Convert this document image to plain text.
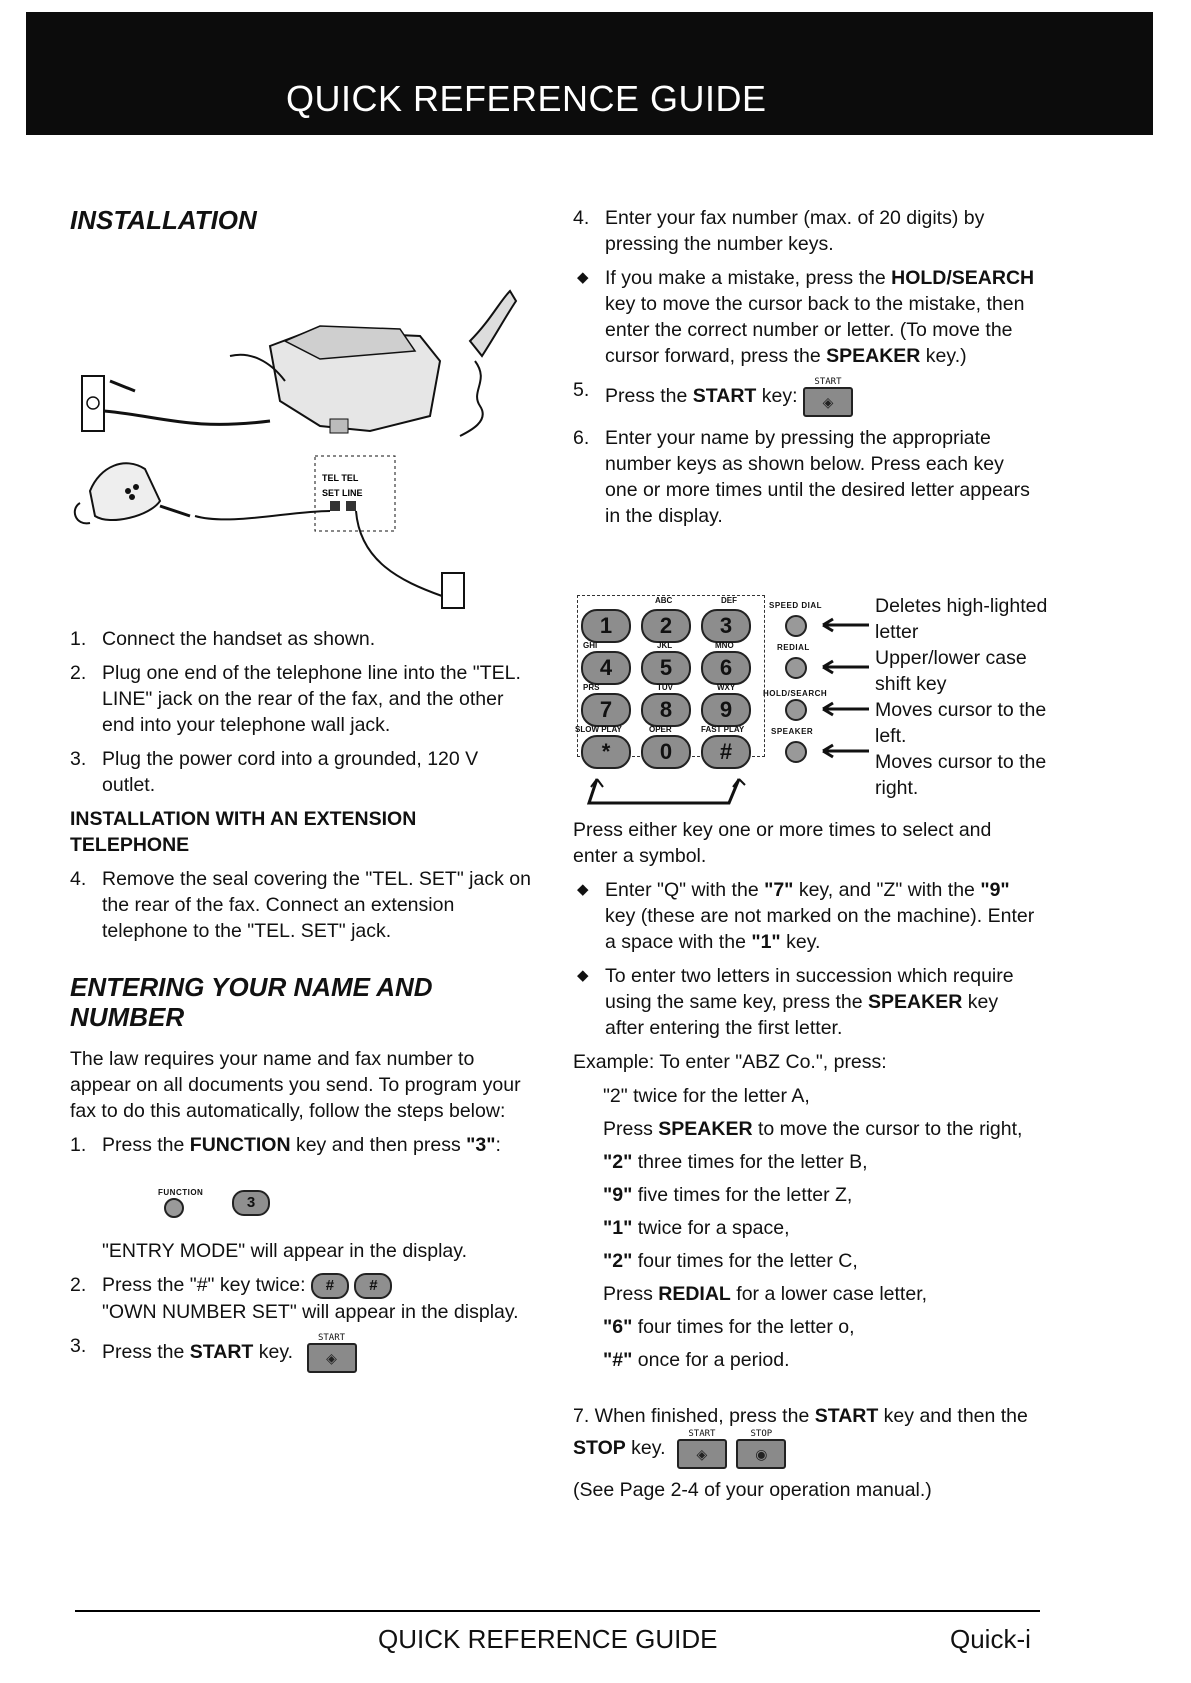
QUICK REFERENCE GUIDE
INSTALLATION
TEL TEL
SET LINE
1. Connect the handset as shown.
2. Plug one end of the telephone line into the "TEL. LINE" jack on the rear of the fax, and the other end into your telephone wall jack.
3. Plug the power cord into a grounded, 120 V outlet.
INSTALLATION WITH AN EXTENSION TELEPHONE
4. Remove the seal covering the "TEL. SET" jack on the rear of the fax. Connect an extension telephone to the "TEL. SET" jack.
ENTERING YOUR NAME AND NUMBER

The law requires your name and fax number to appear on all documents you send. To program your fax to do this automatically, follow the steps below:

1. Press the FUNCTION key and then press "3":
FUNCTION
3

"ENTRY MODE" will appear in the display.

2. Press the "#" key twice: # #
"OWN NUMBER SET" will appear in the display.
3. Press the START key.
START
◈
4. Enter your fax number (max. of 20 digits) by pressing the number keys.
◆ If you make a mistake, press the HOLD/SEARCH key to move the cursor back to the mistake, then enter the correct number or letter. (To move the cursor forward, press the SPEAKER key.)
5. Press the START key:
START
◈
6. Enter your name by pressing the appropriate number keys as shown below. Press each key one or more times until the desired letter appears in the display.
ABC	DEF
1	2	3
GHI	JKL	MNO
4	5	6
PRS	TUV	WXY
7	8	9
SLOW PLAY	OPER	FAST PLAY
*	0	#
SPEED DIAL
REDIAL
HOLD/SEARCH
SPEAKER
Deletes high-lighted letter
Upper/lower case shift key
Moves cursor to the left.
Moves cursor to the right.

Press either key one or more times to select and enter a symbol.

◆ Enter "Q" with the "7" key, and "Z" with the "9" key (these are not marked on the machine). Enter a space with the "1" key.
◆ To enter two letters in succession which require using the same key, press the SPEAKER key after entering the first letter.

Example: To enter "ABZ Co.", press:

"2" twice for the letter A,
Press SPEAKER to move the cursor to the right,
"2" three times for the letter B,
"9" five times for the letter Z,
"1" twice for a space,
"2" four times for the letter C,
Press REDIAL for a lower case letter,
"6" four times for the letter o,
"#" once for a period.
7. When finished, press the START key and then the STOP key.
START
◈

STOP
◉

(See Page 2-4 of your operation manual.)

QUICK REFERENCE GUIDE	Quick-i
